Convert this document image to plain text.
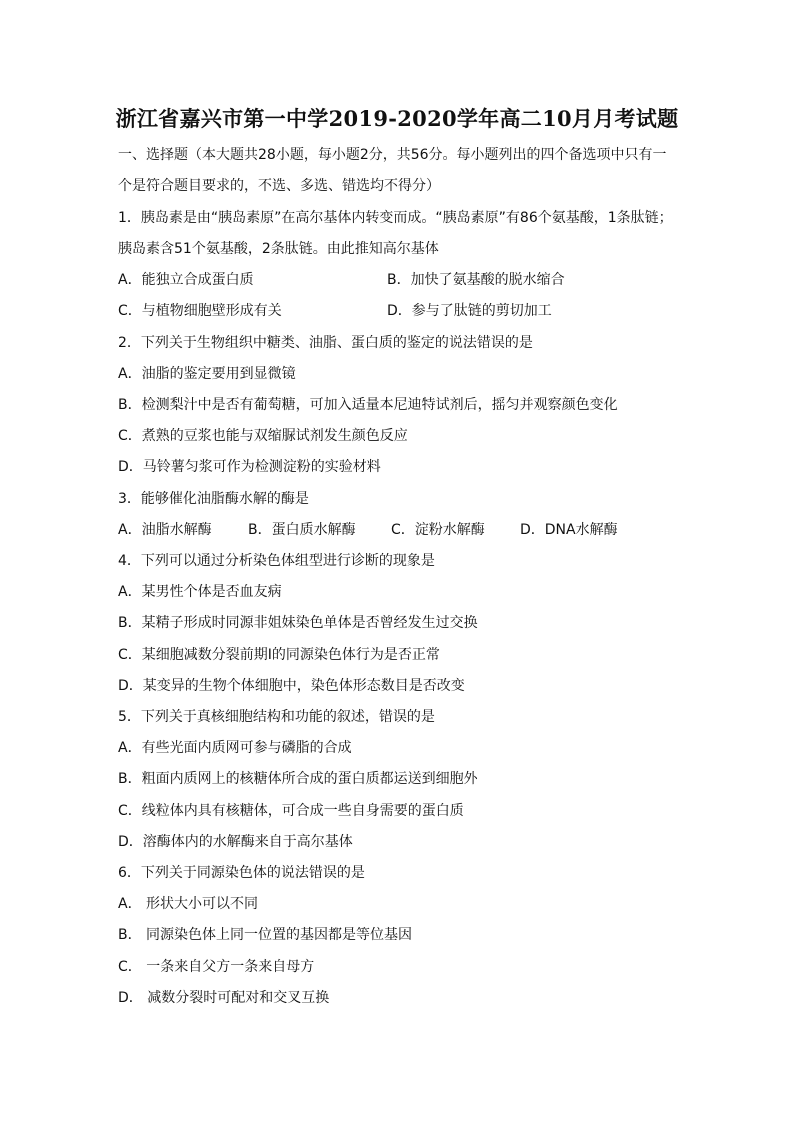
浙江省嘉兴市第一中学2019-2020学年高二10月月考试题
一、选择题（本大题共28小题，每小题2分，共56分。每小题列出的四个备选项中只有一
个是符合题目要求的，不选、多选、错选均不得分）
1．胰岛素是由“胰岛素原”在高尔基体内转变而成。“胰岛素原”有86个氨基酸，1条肽链；
胰岛素含51个氨基酸，2条肽链。由此推知高尔基体
A．能独立合成蛋白质	B．加快了氨基酸的脱水缩合
C．与植物细胞壁形成有关	D．参与了肽链的剪切加工
2．下列关于生物组织中糖类、油脂、蛋白质的鉴定的说法错误的是
A．油脂的鉴定要用到显微镜
B．检测梨汁中是否有葡萄糖，可加入适量本尼迪特试剂后，摇匀并观察颜色变化
C．煮熟的豆浆也能与双缩脲试剂发生颜色反应
D．马铃薯匀浆可作为检测淀粉的实验材料
3．能够催化油脂酶水解的酶是
A．油脂水解酶	B．蛋白质水解酶	C．淀粉水解酶	D．DNA水解酶
4．下列可以通过分析染色体组型进行诊断的现象是
A．某男性个体是否血友病
B．某精子形成时同源非姐妹染色单体是否曾经发生过交换
C．某细胞减数分裂前期Ⅰ的同源染色体行为是否正常
D．某变异的生物个体细胞中，染色体形态数目是否改变
5．下列关于真核细胞结构和功能的叙述，错误的是
A．有些光面内质网可参与磷脂的合成
B．粗面内质网上的核糖体所合成的蛋白质都运送到细胞外
C．线粒体内具有核糖体，可合成一些自身需要的蛋白质
D．溶酶体内的水解酶来自于高尔基体
6．下列关于同源染色体的说法错误的是
A． 形状大小可以不同
B． 同源染色体上同一位置的基因都是等位基因
C． 一条来自父方一条来自母方
D． 减数分裂时可配对和交叉互换
